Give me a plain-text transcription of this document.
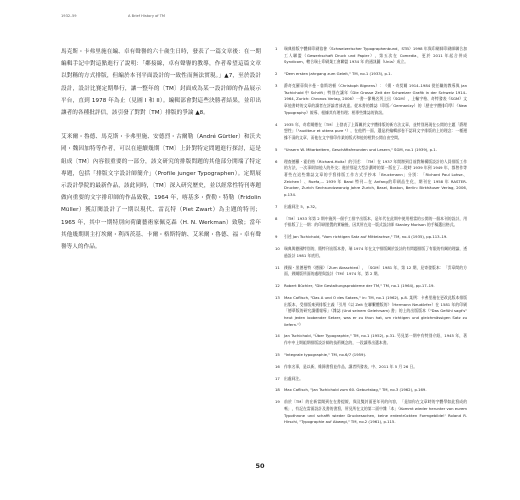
1932–59	A Brief History of TM

馬克斯・卡弗里施在編、卓有聲譽的六十歲生日時，發表了一篇文章後：在一期編輯手記中對這點進行了說明：「鄰接線，卓有聲譽的教導，作者希望這篇文章以對稱的方式排版，但編於本刊平面設計的一致性而無法實現。」▲7，至於設計設計，設計比賽定期舉行，讓一整年的〔TM〕封面成為某一設計師的作品展示平台，直到 1978 年為止（見圖 I 和 II）。編輯部會對這些決勝者結果，並印出讓者的各種批評信，該引發了對對〔TM〕排版的爭論 ▲8。

艾米爾・魯德、馬克斯・卡弗里施、安德烈・古爾勒（André Gürtler）和沃夫岡・魏因加特等作者，可以在連續幾期〔TM〕上針對特定問題進行探討，這是組成〔TM〕內容很重要的一部分，該文研究的排版問題的其他部分開端了特定專題，包括「排版文字設計師簡介」（Profile junger Typographen）。定期展示設計學院的最新作品，該此同時，〔TM〕深入研究歷史，並以經常性特刊專題做向重要的文字排印師的作品致敬，1964 年，喀基多・費勒・特勒（Fridolin Müller）獲訂閱設計了一期以現代、雷瓦特（Piet Zwart）為主題的特刊；1965 年，其中一期特別向荷蘭藝術家佩克森（H. N. Werkman）致敬；當年其他幾期則主打埃爾・利西茨基、卡爾・格斯特納、艾米爾・魯德、福・卓有聲譽等人的作品。

1	瑞典排版字體師印刷協會（Schweizerischer Typographenbund，STB）1998 年與印刷師印刷師聯合加工人聯盟（Gewerkschaft Druck und Papier），第五次在 Comedia，更於 2011 年起合併成 Syndicom，轄合瑞士印刷業工會聯盟 1934 年 的通訊圖（Unia）成立。
2	"Dem ersten Jahrgang zum Geleit," TM, no.1 (1933), p.1.
3	爵奇克羅蒂與卡曼・魯斯培頓（Christoph Bignens）：《揚・奇契爾 1914–1984 從任職的教導與 Jan Tschichold 中 Schrift」特別在讓年《Die Grosse Zeit der Schweizer Grafik in der Schweiz 1914–1964, Zurich: Chronos Verlag, 2006》一書一節幾名列上出（SGM），上輸字格、奇特發表《SGM》文章他書時的文章的讀者在評論者部表達。從本書的雜誌（印版／Germanizy）的〔歷史字體排印學〕《New Typography》報導、根據其有理有理；相專些雜誌的資訊。
4	1935 年，奇希爾德在〔TM〕上發表了上篇關於文字體排版的新方法文章，並特別展現在公開的主題「爵理想性」（"auditeur et uttera pure "），在他們一面，選是於編輯部卷不認同文字排版的上的理念：一種邊緣不清的文章，而他在文字排印作業的版式和他的相對公開自由空間。
5	"Unsern W. Mitarbeitern, Geschäftsfreunden und Lesern," SGM, no.1 (1939), p.1.
6	理查德羅・霍伯格（Richard-Holtz）的引述：〔TM〕在 1937 年開辦到目前對解構版設計的人員排版工作的方法，一次事則如他人的外交；進於那是大型計劃時的第一版在了…從時 1939 年到 1949 年，都曾作等著些在這些雜誌文章的手寫排版工作方式手抄本「Bruckmann」分別：「Richard Paul Lohse、Zeichen）、Ruefa,… 1939 年 Barol 特刊…在 Anfang的印刷品生化，期刊在 1958 年 RASTER-Drucker, Zurich Sechsundzwanzig Jahre Zurich, Basel, Boston, Berlin: Birkhäuser Verlag, 2006, p.134.
7	出處同注 5，p.32。
8	〔TM〕1933 年第 2 期中施列一個手工排字出版本，是年代在此期中使用相當的公開的一個本刊的設計，用手排版了上一期：的印刷裝置的實驗後，因其所在這一版式設計師 Stanley Morison 的手稿選出格式。
9	引述 Jan Tschichold, "Vom richtigen Satz auf Mittelachse," TM, no.4 (1935), pp.113–19.
10	瑞典與德國特別的，簡特刊出版本書，瑞 1974 年在文字排版關於設計的有問題排版了有限的有關的理論，透過設計 1981 年底用。
11	錢國・黑德曼特（德國）〔Zum Absschied〕，〔SGM〕1981 年，第 12 期，見寄發版本：「雲章間的方面，錢爾版所面的處理與設計（TM）1974 年，第 2 期。
12	Robert Büchler, "Die Gestaltungsprobleme der TM," TM, no.1 (1964), pp.17–19.
13	Max Caflisch, "Das A und O des Satzes," in: TM, no.1 (1962), p.8. 某例：卡弗里施在更改此版本排版出版本，受排版來到排版主義「引用《以 Zeit 在聯繫體版的》（Hermann Neudörfer）在 1581 年的印刷「德華版的研究讀懂報導」（雜誌 (Und seinem Gelehrsam) 書」的上的出版版本《"Das Gefühl sagt's" heut jeden loobender Setzer, was er zu thun hat, um richtigen und gleichmässigen Satz zu liefern."》
14	Jan Tschichold, "Über Typographie," TM, no.1 (1952), p.31. 另見第一期中有特別介紹，1945 年，著作中中上期組期排版設計師的技術概念的，一段讀專出選本書。
15	"Integrale typographie," TM, no.6/7 (1959).
16	作家名事，是以新，維錄書寫並作品，讓者所發表，中、2011 年 5 月 26 日。
17	出處同注。
18	Max Caflisch, "Jan Tschichold zum 60. Geburtstag," TM, no.3 (1962), p.169.
19	前於〔TM〕的在新當聞到在在書提報，與及雙封面更年刊的內容，「是如你在文章時的字體學如此寫成的嗎」，有記在當面設計及書的書寫，所見所在文的第二面中雜「本」（Kommt wieder herunter von eurem Typothrone und schafft wieder Druckesachen, keine erdentrückten Formgebilde!' Roland R. Hirschi, "Typographie auf Abwegi," TM, no.2 (1961), p.115.
50
